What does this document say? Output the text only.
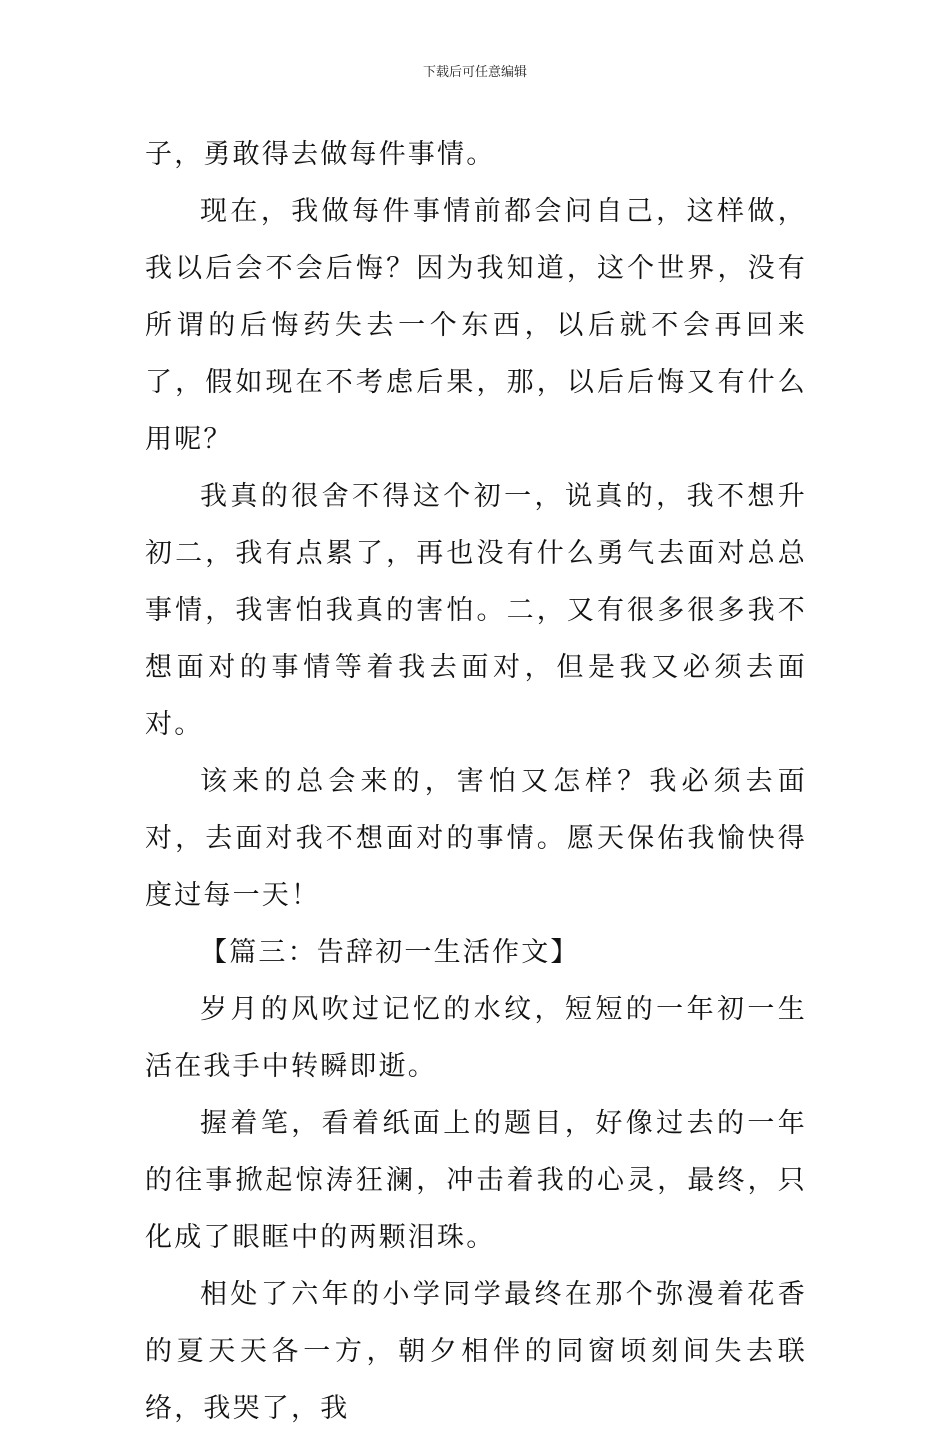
下载后可任意编辑

子，勇敢得去做每件事情。

现在，我做每件事情前都会问自己，这样做，我以后会不会后悔？因为我知道，这个世界，没有所谓的后悔药失去一个东西，以后就不会再回来了，假如现在不考虑后果，那，以后后悔又有什么用呢？

我真的很舍不得这个初一，说真的，我不想升初二，我有点累了，再也没有什么勇气去面对总总事情，我害怕我真的害怕。二，又有很多很多我不想面对的事情等着我去面对，但是我又必须去面对。

该来的总会来的，害怕又怎样？我必须去面对，去面对我不想面对的事情。愿天保佑我愉快得度过每一天！

【篇三：告辞初一生活作文】

岁月的风吹过记忆的水纹，短短的一年初一生活在我手中转瞬即逝。

握着笔，看着纸面上的题目，好像过去的一年的往事掀起惊涛狂澜，冲击着我的心灵，最终，只化成了眼眶中的两颗泪珠。

相处了六年的小学同学最终在那个弥漫着花香的夏天天各一方，朝夕相伴的同窗顷刻间失去联络，我哭了，我
